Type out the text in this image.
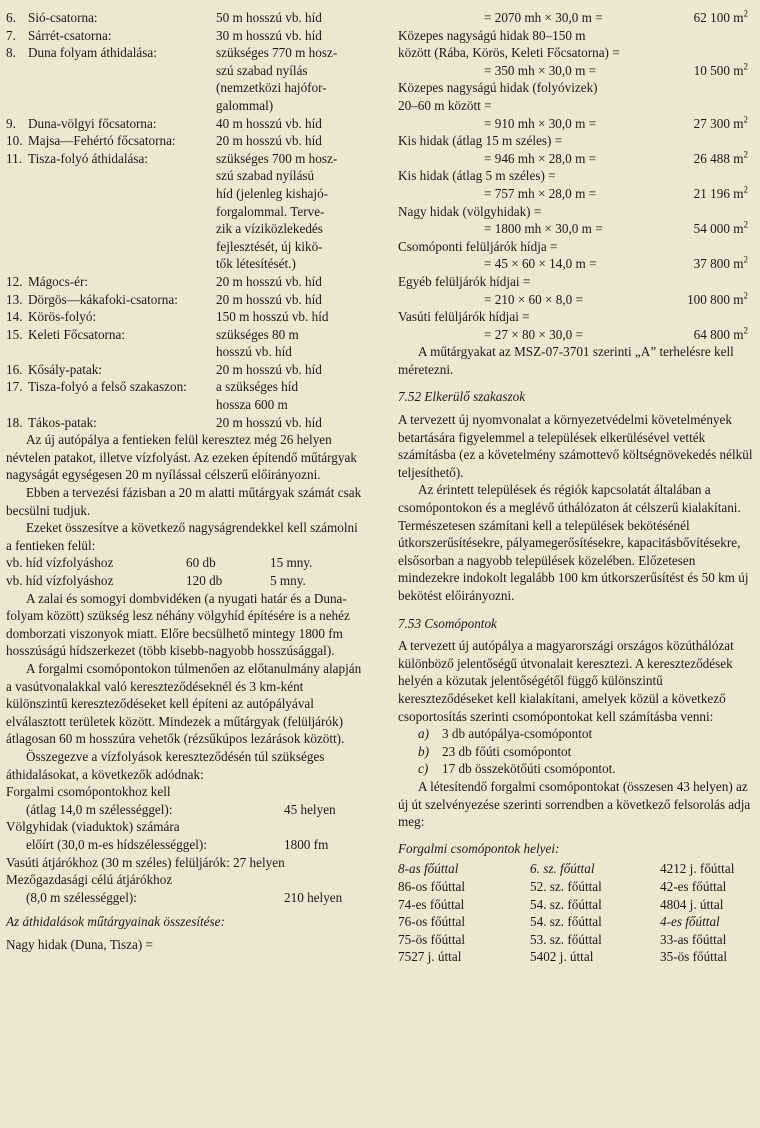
6. Sió-csatorna:	50 m hosszú vb. híd
7. Sárrét-csatorna:	30 m hosszú vb. híd
8. Duna folyam áthidalása:	szükséges 770 m hosz-
szú szabad nyílás
(nemzetközi hajófor-
galommal)
9. Duna-völgyi főcsatorna:	40 m hosszú vb. híd
10. Majsa—Fehértó főcsatorna:	20 m hosszú vb. híd
11. Tisza-folyó áthidalása:	szükséges 700 m hosz-
szú szabad nyílású
híd (jelenleg kishajó-
forgalommal. Terve-
zik a víziközlekedés
fejlesztését, új kikö-
tők létesítését.)
12. Mágocs-ér:	20 m hosszú vb. híd
13. Dörgös—kákafoki-csatorna:	20 m hosszú vb. híd
14. Körös-folyó:	150 m hosszú vb. híd
15. Keleti Főcsatorna:	szükséges 80 m
hosszú vb. híd
16. Kősály-patak:	20 m hosszú vb. híd
17. Tisza-folyó a felső szakaszon:	a szükséges híd
hossza 600 m
18. Tákos-patak:	20 m hosszú vb. híd

Az új autópálya a fentieken felül keresztez még 26 helyen névtelen patakot, illetve vízfolyást. Az ezeken építendő műtárgyak nagyságát egységesen 20 m nyílással célszerű előirányozni.

Ebben a tervezési fázisban a 20 m alatti műtárgyak számát csak becsülni tudjuk.

Ezeket összesítve a következő nagyságrendekkel kell számolni a fentieken felül:

vb. híd vízfolyáshoz	60 db	15 mny.
vb. híd vízfolyáshoz	120 db	5 mny.

A zalai és somogyi dombvidéken (a nyugati határ és a Duna-folyam között) szükség lesz néhány völgyhíd építésére is a nehéz domborzati viszonyok miatt. Előre becsülhető mintegy 1800 fm hosszúságú hídszerkezet (több kisebb-nagyobb hosszúsággal).

A forgalmi csomópontokon túlmenően az előtanulmány alapján a vasútvonalakkal való kereszteződéseknél és 3 km-ként különszintű kereszteződéseket kell építeni az autópályával elválasztott területek között. Mindezek a műtárgyak (felüljárók) átlagosan 60 m hosszúra vehetők (rézsűkúpos lezárások között).

Összegezve a vízfolyások kereszteződésén túl szükséges áthidalásokat, a következők adódnak:

Forgalmi csomópontokhoz kell
(átlag 14,0 m szélességgel):	45 helyen
Völgyhidak (viaduktok) számára
előírt (30,0 m-es hídszélességgel):	1800 fm
Vasúti átjárókhoz (30 m széles) felüljárók: 27 helyen
Mezőgazdasági célú átjárókhoz
(8,0 m szélességgel):	210 helyen

Az áthidalások műtárgyainak összesítése:

Nagy hidak (Duna, Tisza) =

= 2070 mh × 30,0 m =	62 100 $m^2$
Közepes nagyságú hidak 80–150 m
között (Rába, Körös, Keleti Főcsatorna) =
= 350 mh × 30,0 m =	10 500 $m^2$
Közepes nagyságú hidak (folyóvizek)
20–60 m között =
= 910 mh × 30,0 m =	27 300 $m^2$
Kis hidak (átlag 15 m széles) =
= 946 mh × 28,0 m =	26 488 $m^2$
Kis hidak (átlag 5 m széles) =
= 757 mh × 28,0 m =	21 196 $m^2$
Nagy hidak (völgyhidak) =
= 1800 mh × 30,0 m =	54 000 $m^2$
Csomóponti felüljárók hídja =
= 45 × 60 × 14,0 m =	37 800 $m^2$
Egyéb felüljárók hídjai =
= 210 × 60 × 8,0 =	100 800 $m^2$
Vasúti felüljárók hídjai =
= 27 × 80 × 30,0 =	64 800 $m^2$

A műtárgyakat az MSZ-07-3701 szerinti „A” terhelésre kell méretezni.

7.52 Elkerülő szakaszok

A tervezett új nyomvonalat a környezetvédelmi követelmények betartására figyelemmel a települések elkerülésével vették számításba (ez a követelmény számottevő költségnövekedés nélkül teljesíthető).

Az érintett települések és régiók kapcsolatát általában a csomópontokon és a meglévő úthálózaton át célszerű kialakítani. Természetesen számítani kell a települések bekötésénél útkorszerűsítésekre, pályamegerősítésekre, kapacitásbővítésekre, elsősorban a nagyobb települések közelében. Előzetesen mindezekre indokolt legalább 100 km útkorszerűsítést és 50 km új bekötést előirányozni.

7.53 Csomópontok

A tervezett új autópálya a magyarországi országos közúthálózat különböző jelentőségű útvonalait keresztezi. A kereszteződések helyén a közutak jelentőségétől függő különszintű kereszteződéseket kell kialakítani, amelyek közül a következő csoportosítás szerinti csomópontokat kell számításba venni:

a) 3 db autópálya-csomópontot
b) 23 db főúti csomópontot
c)	17 db összekötőúti csomópontot.

A létesítendő forgalmi csomópontokat (összesen 43 helyen) az új út szelvényezése szerinti sorrendben a következő felsorolás adja meg:

Forgalmi csomópontok helyei:

8-as főúttal	6. sz. főúttal	4212 j. főúttal
86-os főúttal	52. sz. főúttal	42-es főúttal
74-es főúttal	54. sz. főúttal	4804 j. úttal
76-os főúttal	54. sz. főúttal	4-es főúttal
75-ös főúttal	53. sz. főúttal	33-as főúttal
7527 j. úttal	5402 j. úttal	35-ös főúttal
